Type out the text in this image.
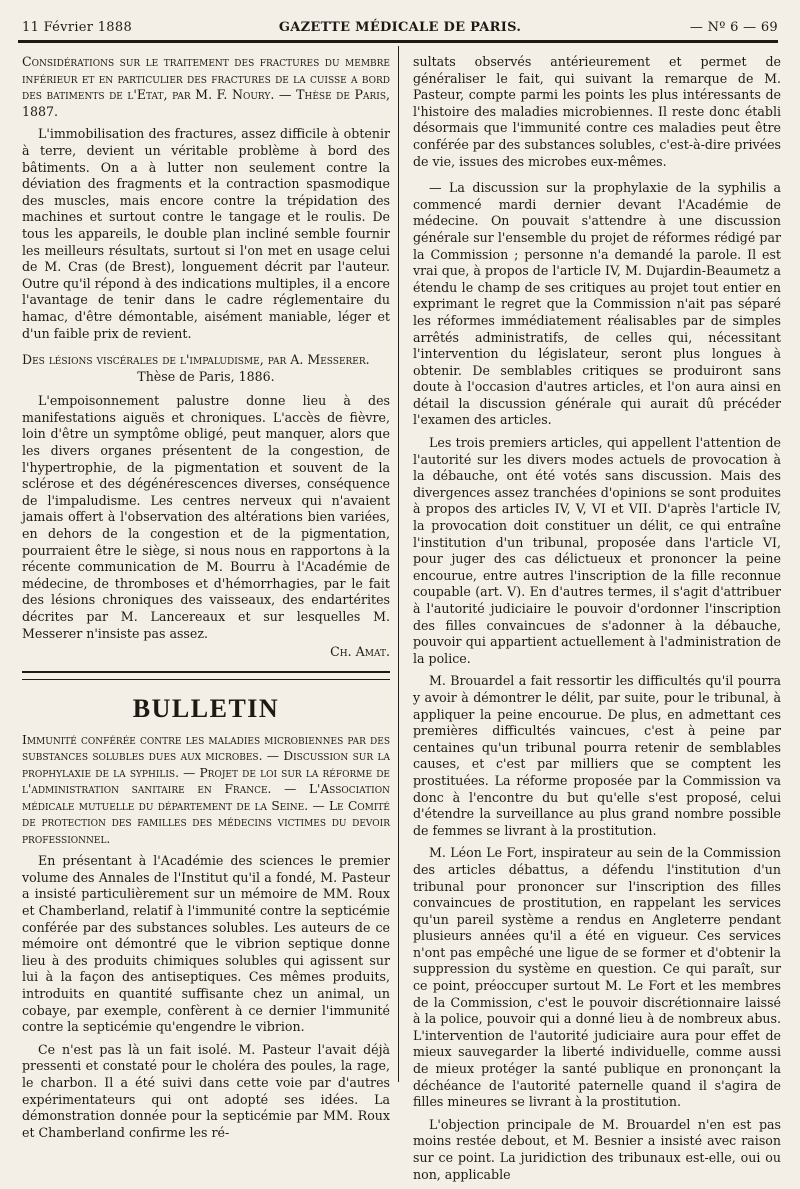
11 Février 1888	GAZETTE MÉDICALE DE PARIS.	— Nº 6 — 69

Considérations sur le traitement des fractures du membre inférieur et en particulier des fractures de la cuisse a bord des batiments de l'Etat, par M. F. Noury. — Thèse de Paris, 1887.

L'immobilisation des fractures, assez difficile à obtenir à terre, devient un véritable problème à bord des bâtiments. On a à lutter non seulement contre la déviation des fragments et la contraction spasmodique des muscles, mais encore contre la trépidation des machines et surtout contre le tangage et le roulis. De tous les appareils, le double plan incliné semble fournir les meilleurs résultats, surtout si l'on met en usage celui de M. Cras (de Brest), longuement décrit par l'auteur. Outre qu'il répond à des indications multiples, il a encore l'avantage de tenir dans le cadre réglementaire du hamac, d'être démontable, aisément maniable, léger et d'un faible prix de revient.

Des lésions viscérales de l'impaludisme, par A. Messerer.

Thèse de Paris, 1886.

L'empoisonnement palustre donne lieu à des manifestations aiguës et chroniques. L'accès de fièvre, loin d'être un symptôme obligé, peut manquer, alors que les divers organes présentent de la congestion, de l'hypertrophie, de la pigmentation et souvent de la sclérose et des dégénérescences diverses, conséquence de l'impaludisme. Les centres nerveux qui n'avaient jamais offert à l'observation des altérations bien variées, en dehors de la congestion et de la pigmentation, pourraient être le siège, si nous nous en rapportons à la récente communication de M. Bourru à l'Académie de médecine, de thromboses et d'hémorrhagies, par le fait des lésions chroniques des vaisseaux, des endartérites décrites par M. Lancereaux et sur lesquelles M. Messerer n'insiste pas assez.

Ch. Amat.
BULLETIN

Immunité conférée contre les maladies microbiennes par des substances solubles dues aux microbes. — Discussion sur la prophylaxie de la syphilis. — Projet de loi sur la réforme de l'administration sanitaire en France. — L'Association médicale mutuelle du département de la Seine. — Le Comité de protection des familles des médecins victimes du devoir professionnel.

En présentant à l'Académie des sciences le premier volume des Annales de l'Institut qu'il a fondé, M. Pasteur a insisté particulièrement sur un mémoire de MM. Roux et Chamberland, relatif à l'immunité contre la septicémie conférée par des substances solubles. Les auteurs de ce mémoire ont démontré que le vibrion septique donne lieu à des produits chimiques solubles qui agissent sur lui à la façon des antiseptiques. Ces mêmes produits, introduits en quantité suffisante chez un animal, un cobaye, par exemple, confèrent à ce dernier l'immunité contre la septicémie qu'engendre le vibrion.

Ce n'est pas là un fait isolé. M. Pasteur l'avait déjà pressenti et constaté pour le choléra des poules, la rage, le charbon. Il a été suivi dans cette voie par d'autres expérimentateurs qui ont adopté ses idées. La démonstration donnée pour la septicémie par MM. Roux et Chamberland confirme les ré-

sultats observés antérieurement et permet de généraliser le fait, qui suivant la remarque de M. Pasteur, compte parmi les points les plus intéressants de l'histoire des maladies microbiennes. Il reste donc établi désormais que l'immunité contre ces maladies peut être conférée par des substances solubles, c'est-à-dire privées de vie, issues des microbes eux-mêmes.

— La discussion sur la prophylaxie de la syphilis a commencé mardi dernier devant l'Académie de médecine. On pouvait s'attendre à une discussion générale sur l'ensemble du projet de réformes rédigé par la Commission ; personne n'a demandé la parole. Il est vrai que, à propos de l'article IV, M. Dujardin-Beaumetz a étendu le champ de ses critiques au projet tout entier en exprimant le regret que la Commission n'ait pas séparé les réformes immédiatement réalisables par de simples arrêtés administratifs, de celles qui, nécessitant l'intervention du législateur, seront plus longues à obtenir. De semblables critiques se produiront sans doute à l'occasion d'autres articles, et l'on aura ainsi en détail la discussion générale qui aurait dû précéder l'examen des articles.

Les trois premiers articles, qui appellent l'attention de l'autorité sur les divers modes actuels de provocation à la débauche, ont été votés sans discussion. Mais des divergences assez tranchées d'opinions se sont produites à propos des articles IV, V, VI et VII. D'après l'article IV, la provocation doit constituer un délit, ce qui entraîne l'institution d'un tribunal, proposée dans l'article VI, pour juger des cas délictueux et prononcer la peine encourue, entre autres l'inscription de la fille reconnue coupable (art. V). En d'autres termes, il s'agit d'attribuer à l'autorité judiciaire le pouvoir d'ordonner l'inscription des filles convaincues de s'adonner à la débauche, pouvoir qui appartient actuellement à l'administration de la police.

M. Brouardel a fait ressortir les difficultés qu'il pourra y avoir à démontrer le délit, par suite, pour le tribunal, à appliquer la peine encourue. De plus, en admettant ces premières difficultés vaincues, c'est à peine par centaines qu'un tribunal pourra retenir de semblables causes, et c'est par milliers que se comptent les prostituées. La réforme proposée par la Commission va donc à l'encontre du but qu'elle s'est proposé, celui d'étendre la surveillance au plus grand nombre possible de femmes se livrant à la prostitution.

M. Léon Le Fort, inspirateur au sein de la Commission des articles débattus, a défendu l'institution d'un tribunal pour prononcer sur l'inscription des filles convaincues de prostitution, en rappelant les services qu'un pareil système a rendus en Angleterre pendant plusieurs années qu'il a été en vigueur. Ces services n'ont pas empêché une ligue de se former et d'obtenir la suppression du système en question. Ce qui paraît, sur ce point, préoccuper surtout M. Le Fort et les membres de la Commission, c'est le pouvoir discrétionnaire laissé à la police, pouvoir qui a donné lieu à de nombreux abus. L'intervention de l'autorité judiciaire aura pour effet de mieux sauvegarder la liberté individuelle, comme aussi de mieux protéger la santé publique en prononçant la déchéance de l'autorité paternelle quand il s'agira de filles mineures se livrant à la prostitution.

L'objection principale de M. Brouardel n'en est pas moins restée debout, et M. Besnier a insisté avec raison sur ce point. La juridiction des tribunaux est-elle, oui ou non, applicable
